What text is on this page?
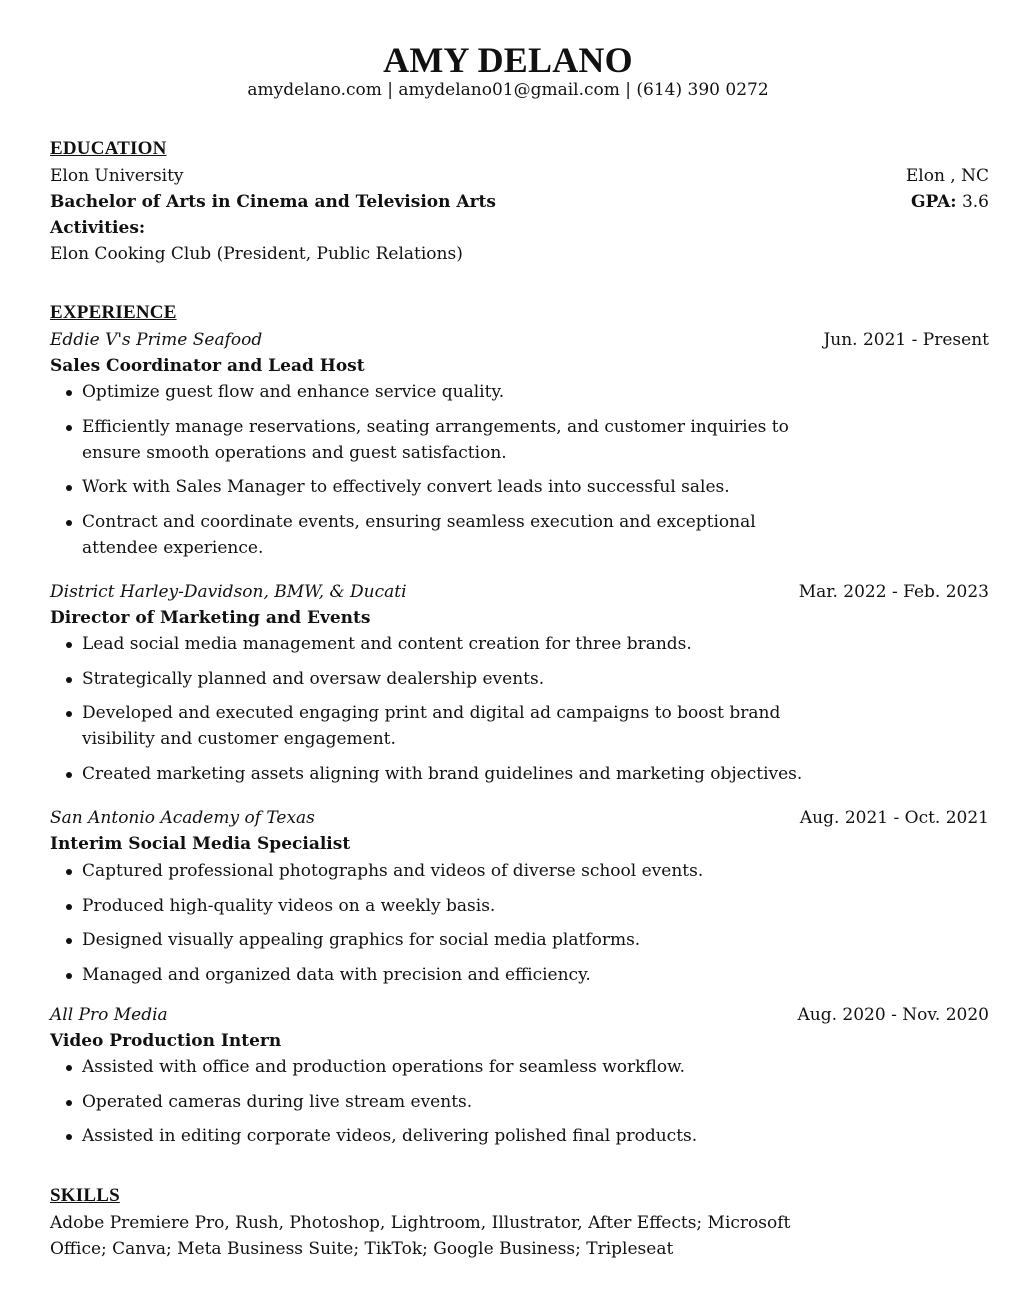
AMY DELANO
amydelano.com | amydelano01@gmail.com | (614) 390 0272
EDUCATION
Elon University	Elon , NC
Bachelor of Arts in Cinema and Television Arts	GPA: 3.6
Activities:
Elon Cooking Club (President, Public Relations)
EXPERIENCE
Eddie V's Prime Seafood	Jun. 2021 - Present
Sales Coordinator and Lead Host
Optimize guest flow and enhance service quality.
Efficiently manage reservations, seating arrangements, and customer inquiries to ensure smooth operations and guest satisfaction.
Work with Sales Manager to effectively convert leads into successful sales.
Contract and coordinate events, ensuring seamless execution and exceptional attendee experience.
District Harley-Davidson, BMW, & Ducati	Mar. 2022 - Feb. 2023
Director of Marketing and Events
Lead social media management and content creation for three brands.
Strategically planned and oversaw dealership events.
Developed and executed engaging print and digital ad campaigns to boost brand visibility and customer engagement.
Created marketing assets aligning with brand guidelines and marketing objectives.
San Antonio Academy of Texas	Aug. 2021 - Oct. 2021
Interim Social Media Specialist
Captured professional photographs and videos of diverse school events.
Produced high-quality videos on a weekly basis.
Designed visually appealing graphics for social media platforms.
Managed and organized data with precision and efficiency.
All Pro Media	Aug. 2020 - Nov. 2020
Video Production Intern
Assisted with office and production operations for seamless workflow.
Operated cameras during live stream events.
Assisted in editing corporate videos, delivering polished final products.
SKILLS
Adobe Premiere Pro, Rush, Photoshop, Lightroom, Illustrator, After Effects; Microsoft Office; Canva; Meta Business Suite; TikTok; Google Business; Tripleseat
